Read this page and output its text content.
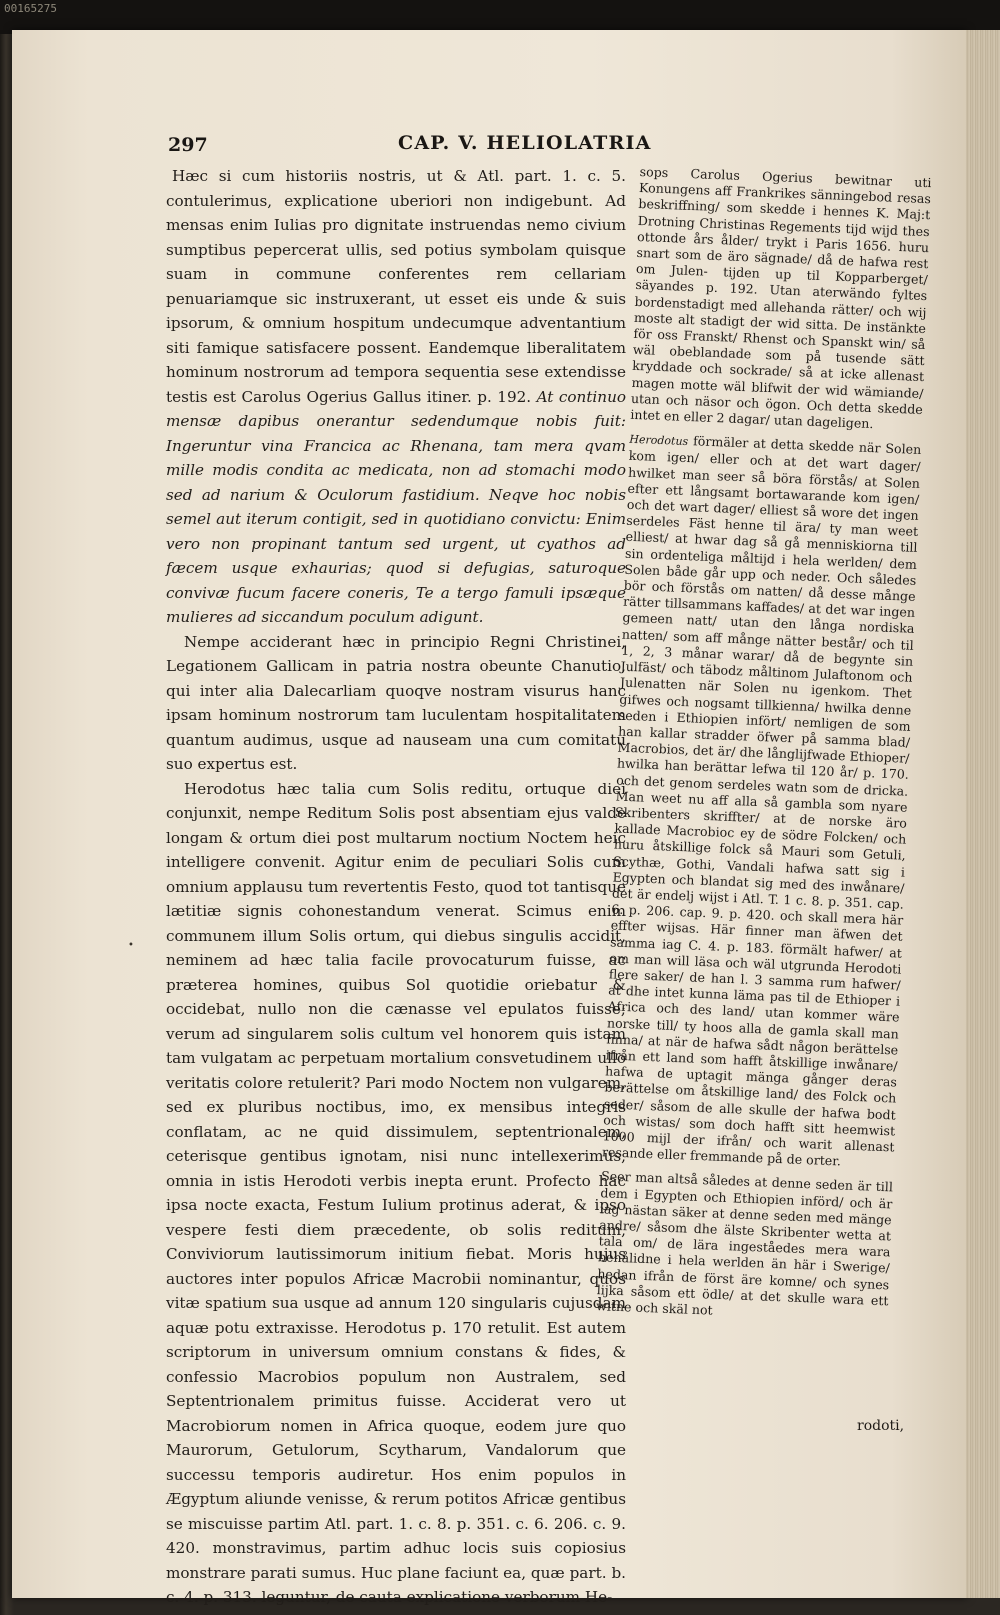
00165275
297	CAP. V. HELIOLATRIA

Hæc si cum historiis nostris, ut & Atl. part. 1. c. 5. contulerimus, explicatione uberiori non indigebunt. Ad mensas enim Iulias pro dignitate instruendas nemo civium sumptibus pepercerat ullis, sed potius symbolam quisque suam in commune conferentes rem cellariam penuariamque sic instruxerant, ut esset eis unde & suis ipsorum, & omnium hospitum undecumque adventantium siti famique satisfacere possent. Eandemque liberalitatem hominum nostrorum ad tempora sequentia sese extendisse testis est Carolus Ogerius Gallus itiner. p. 192. At continuo mensæ dapibus onerantur sedendumque nobis fuit: Ingeruntur vina Francica ac Rhenana, tam mera qvam mille modis condita ac medicata, non ad stomachi modo sed ad narium & Oculorum fastidium. Neqve hoc nobis semel aut iterum contigit, sed in quotidiano convictu: Enim vero non propinant tantum sed urgent, ut cyathos ad fæcem usque exhaurias; quod si defugias, saturoque convivæ fucum facere coneris, Te a tergo famuli ipsæque mulieres ad siccandum poculum adigunt.

Nempe acciderant hæc in principio Regni Christinei, Legationem Gallicam in patria nostra obeunte Chanutio, qui inter alia Dalecarliam quoqve nostram visurus hanc ipsam hominum nostrorum tam luculentam hospitalitatem quantum audimus, usque ad nauseam una cum comitatu suo expertus est.

Herodotus hæc talia cum Solis reditu, ortuque diei conjunxit, nempe Reditum Solis post absentiam ejus valde longam & ortum diei post multarum noctium Noctem heic intelligere convenit. Agitur enim de peculiari Solis cum omnium applausu tum revertentis Festo, quod tot tantisque lætitiæ signis cohonestandum venerat. Scimus enim communem illum Solis ortum, qui diebus singulis accidit, neminem ad hæc talia facile provocaturum fuisse, ac præterea homines, quibus Sol quotidie oriebatur & occidebat, nullo non die cænasse vel epulatos fuisse; verum ad singularem solis cultum vel honorem quis istam tam vulgatam ac perpetuam mortalium consvetudinem ullo veritatis colore retulerit? Pari modo Noctem non vulgarem, sed ex pluribus noctibus, imo, ex mensibus integris conflatam, ac ne quid dissimulem, septentrionalem, ceterisque gentibus ignotam, nisi nunc intellexerimus, omnia in istis Herodoti verbis inepta erunt. Profecto hac ipsa nocte exacta, Festum Iulium protinus aderat, & ipso vespere festi diem præcedente, ob solis reditum, Conviviorum lautissimorum initium fiebat. Moris hujus auctores inter populos Africæ Macrobii nominantur, quos vitæ spatium sua usque ad annum 120 singularis cujusdam aquæ potu extraxisse. Herodotus p. 170 retulit. Est autem scriptorum in universum omnium constans & fides, & confessio Macrobios populum non Australem, sed Septentrionalem primitus fuisse. Acciderat vero ut Macrobiorum nomen in Africa quoque, eodem jure quo Maurorum, Getulorum, Scytharum, Vandalorum que successu temporis audiretur. Hos enim populos in Ægyptum aliunde venisse, & rerum potitos Africæ gentibus se miscuisse partim Atl. part. 1. c. 8. p. 351. c. 6. 206. c. 9. 420. monstravimus, partim adhuc locis suis copiosius monstrare parati sumus. Huc plane faciunt ea, quæ part. b. c. 4. p. 313. leguntur, de cauta explicatione verborum He-

•

sops Carolus Ogerius bewitnar uti Konungens aff Frankrikes sänningebod resas beskriffning/ som skedde i hennes K. Maj:t Drotning Christinas Regements tijd wijd thes ottonde års ålder/ trykt i Paris 1656. huru snart som de äro sägnade/ då de hafwa rest om Julen- tijden up til Kopparberget/ säyandes p. 192. Utan aterwändo fyltes bordenstadigt med allehanda rätter/ och wij moste alt stadigt der wid sitta. De instänkte för oss Franskt/ Rhenst och Spanskt win/ så wäl obeblandade som på tusende sätt kryddade och sockrade/ så at icke allenast magen motte wäl blifwit der wid wämiande/ utan och näsor och ögon. Och detta skedde intet en eller 2 dagar/ utan dageligen.

Herodotus förmäler at detta skedde när Solen kom igen/ eller och at det wart dager/ hwilket man seer så böra förstås/ at Solen efter ett långsamt bortawarande kom igen/ och det wart dager/ elliest så wore det ingen serdeles Fäst henne til ära/ ty man weet elliest/ at hwar dag så gå menniskiorna till sin ordenteliga måltijd i hela werlden/ dem Solen både går upp och neder. Och således bör och förstås om natten/ då desse månge rätter tillsammans kaffades/ at det war ingen gemeen natt/ utan den långa nordiska natten/ som aff månge nätter består/ och til 1, 2, 3 månar warar/ då de begynte sin Julfäst/ och täbodz måltinom Julaftonom och Julenatten när Solen nu igenkom. Thet gifwes och nogsamt tillkienna/ hwilka denne seden i Ethiopien infört/ nemligen de som han kallar stradder öfwer på samma blad/ Macrobios, det är/ dhe långlijfwade Ethioper/ hwilka han berättar lefwa til 120 år/ p. 170. och det genom serdeles watn som de dricka. Man weet nu aff alla så gambla som nyare Skribenters skriffter/ at de norske äro kallade Macrobioc ey de södre Folcken/ och huru åtskillige folck så Mauri som Getuli, Scythæ, Gothi, Vandali hafwa satt sig i Egypten och blandat sig med des inwånare/ det är endelj wijst i Atl. T. 1 c. 8. p. 351. cap. 6. p. 206. cap. 9. p. 420. och skall mera här effter wijsas. Här finner man äfwen det samma iag C. 4. p. 183. förmält hafwer/ at om man will läsa och wäl utgrunda Herodoti flere saker/ de han l. 3 samma rum hafwer/ at dhe intet kunna läma pas til de Ethioper i Africa och des land/ utan kommer wäre norske till/ ty hoos alla de gamla skall man finna/ at när de hafwa sådt någon berättelse ifrån ett land som hafft åtskillige inwånare/ hafwa de uptagit mänga gånger deras berättelse om åtskillige land/ des Folck och seder/ såsom de alle skulle der hafwa bodt och wistas/ som doch hafft sitt heemwist 1000 mijl der ifrån/ och warit allenast resande eller fremmande på de orter.

Seer man altså således at denne seden är till dem i Egypten och Ethiopien införd/ och är iag nästan säker at denne seden med mänge andre/ såsom dhe älste Skribenter wetta at tala om/ de lära ingeståedes mera wara behålidne i hela werlden än här i Swerige/ hedan ifrån de först äre komne/ och synes lijka såsom ett ödle/ at det skulle wara ett witne och skäl not

rodoti,
